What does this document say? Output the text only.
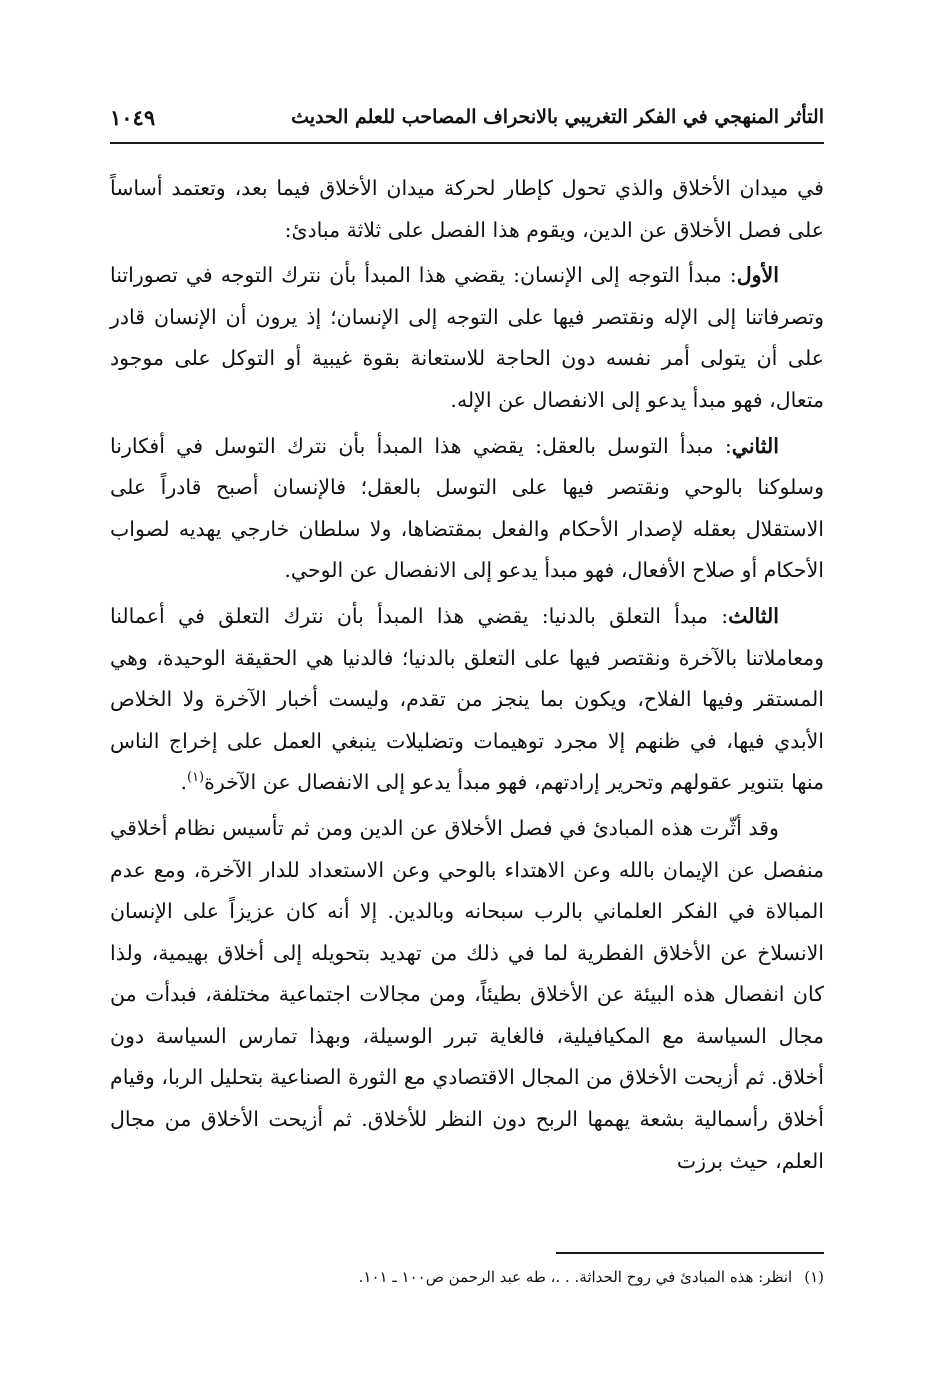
التأثر المنهجي في الفكر التغريبي بالانحراف المصاحب للعلم الحديث
١٠٤٩

في ميدان الأخلاق والذي تحول كإطار لحركة ميدان الأخلاق فيما بعد، وتعتمد أساساً على فصل الأخلاق عن الدين، ويقوم هذا الفصل على ثلاثة مبادئ:

الأول: مبدأ التوجه إلى الإنسان: يقضي هذا المبدأ بأن نترك التوجه في تصوراتنا وتصرفاتنا إلى الإله ونقتصر فيها على التوجه إلى الإنسان؛ إذ يرون أن الإنسان قادر على أن يتولى أمر نفسه دون الحاجة للاستعانة بقوة غيبية أو التوكل على موجود متعال، فهو مبدأ يدعو إلى الانفصال عن الإله.

الثاني: مبدأ التوسل بالعقل: يقضي هذا المبدأ بأن نترك التوسل في أفكارنا وسلوكنا بالوحي ونقتصر فيها على التوسل بالعقل؛ فالإنسان أصبح قادراً على الاستقلال بعقله لإصدار الأحكام والفعل بمقتضاها، ولا سلطان خارجي يهديه لصواب الأحكام أو صلاح الأفعال، فهو مبدأ يدعو إلى الانفصال عن الوحي.

الثالث: مبدأ التعلق بالدنيا: يقضي هذا المبدأ بأن نترك التعلق في أعمالنا ومعاملاتنا بالآخرة ونقتصر فيها على التعلق بالدنيا؛ فالدنيا هي الحقيقة الوحيدة، وهي المستقر وفيها الفلاح، ويكون بما ينجز من تقدم، وليست أخبار الآخرة ولا الخلاص الأبدي فيها، في ظنهم إلا مجرد توهيمات وتضليلات ينبغي العمل على إخراج الناس منها بتنوير عقولهم وتحرير إرادتهم، فهو مبدأ يدعو إلى الانفصال عن الآخرة$^{(١)}$.

وقد أثّرت هذه المبادئ في فصل الأخلاق عن الدين ومن ثم تأسيس نظام أخلاقي منفصل عن الإيمان بالله وعن الاهتداء بالوحي وعن الاستعداد للدار الآخرة، ومع عدم المبالاة في الفكر العلماني بالرب سبحانه وبالدين. إلا أنه كان عزيزاً على الإنسان الانسلاخ عن الأخلاق الفطرية لما في ذلك من تهديد بتحويله إلى أخلاق بهيمية، ولذا كان انفصال هذه البيئة عن الأخلاق بطيئاً، ومن مجالات اجتماعية مختلفة، فبدأت من مجال السياسة مع المكيافيلية، فالغاية تبرر الوسيلة، وبهذا تمارس السياسة دون أخلاق. ثم أزيحت الأخلاق من المجال الاقتصادي مع الثورة الصناعية بتحليل الربا، وقيام أخلاق رأسمالية بشعة يهمها الربح دون النظر للأخلاق. ثم أزيحت الأخلاق من مجال العلم، حيث برزت

(١)انظر: هذه المبادئ في روح الحداثة. . .، طه عبد الرحمن ص١٠٠ ـ ١٠١.
